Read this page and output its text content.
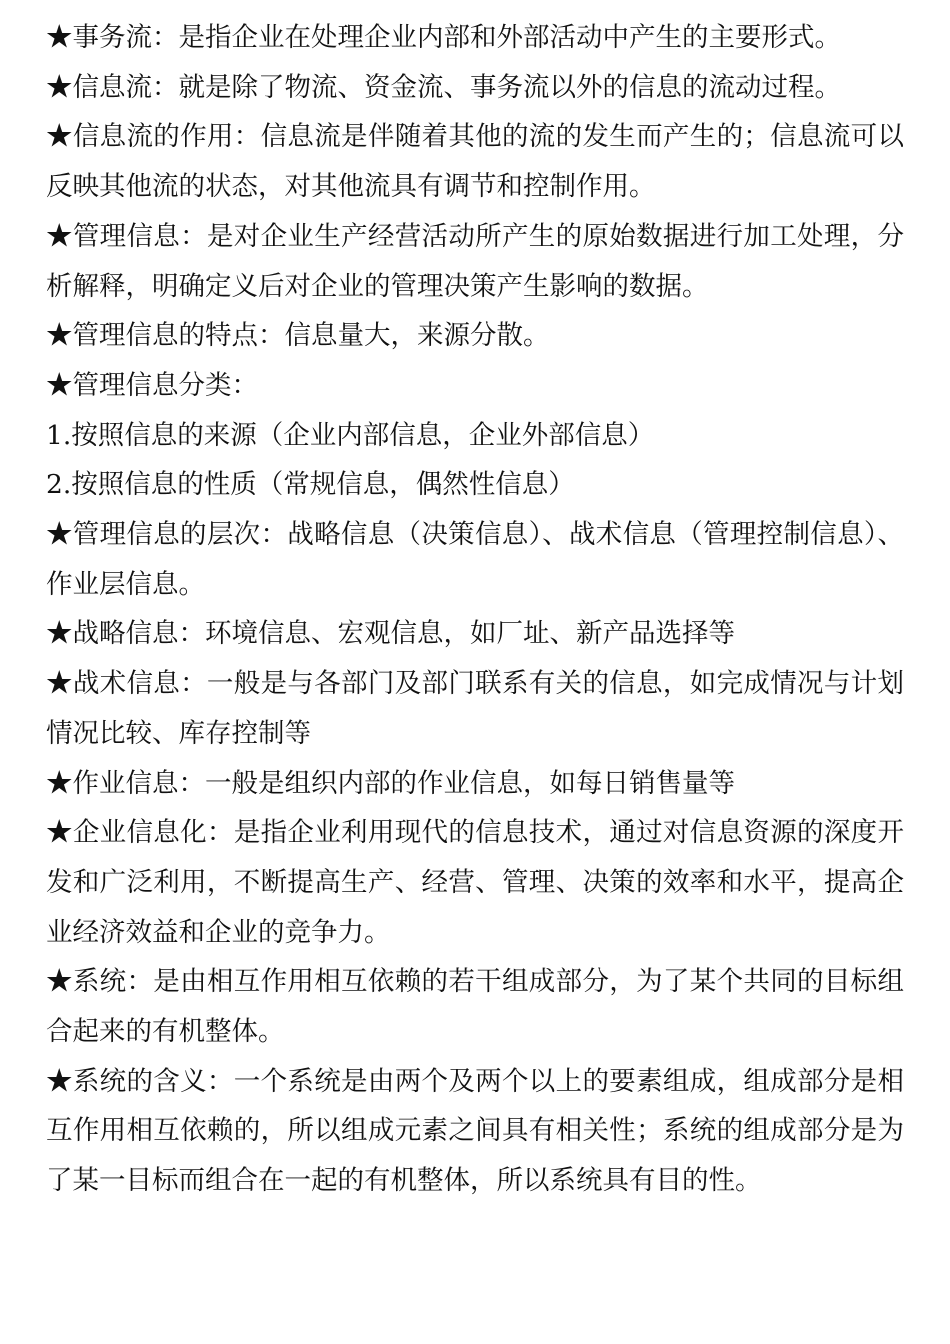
★事务流：是指企业在处理企业内部和外部活动中产生的主要形式。

★信息流：就是除了物流、资金流、事务流以外的信息的流动过程。

★信息流的作用：信息流是伴随着其他的流的发生而产生的；信息流可以反映其他流的状态，对其他流具有调节和控制作用。

★管理信息：是对企业生产经营活动所产生的原始数据进行加工处理，分析解释，明确定义后对企业的管理决策产生影响的数据。

★管理信息的特点：信息量大，来源分散。

★管理信息分类：

1.按照信息的来源（企业内部信息，企业外部信息）

2.按照信息的性质（常规信息，偶然性信息）

★管理信息的层次：战略信息（决策信息）、战术信息（管理控制信息）、作业层信息。

★战略信息：环境信息、宏观信息，如厂址、新产品选择等

★战术信息：一般是与各部门及部门联系有关的信息，如完成情况与计划情况比较、库存控制等

★作业信息：一般是组织内部的作业信息，如每日销售量等

★企业信息化：是指企业利用现代的信息技术，通过对信息资源的深度开发和广泛利用，不断提高生产、经营、管理、决策的效率和水平，提高企业经济效益和企业的竞争力。

★系统：是由相互作用相互依赖的若干组成部分，为了某个共同的目标组合起来的有机整体。

★系统的含义：一个系统是由两个及两个以上的要素组成，组成部分是相互作用相互依赖的，所以组成元素之间具有相关性；系统的组成部分是为了某一目标而组合在一起的有机整体，所以系统具有目的性。
